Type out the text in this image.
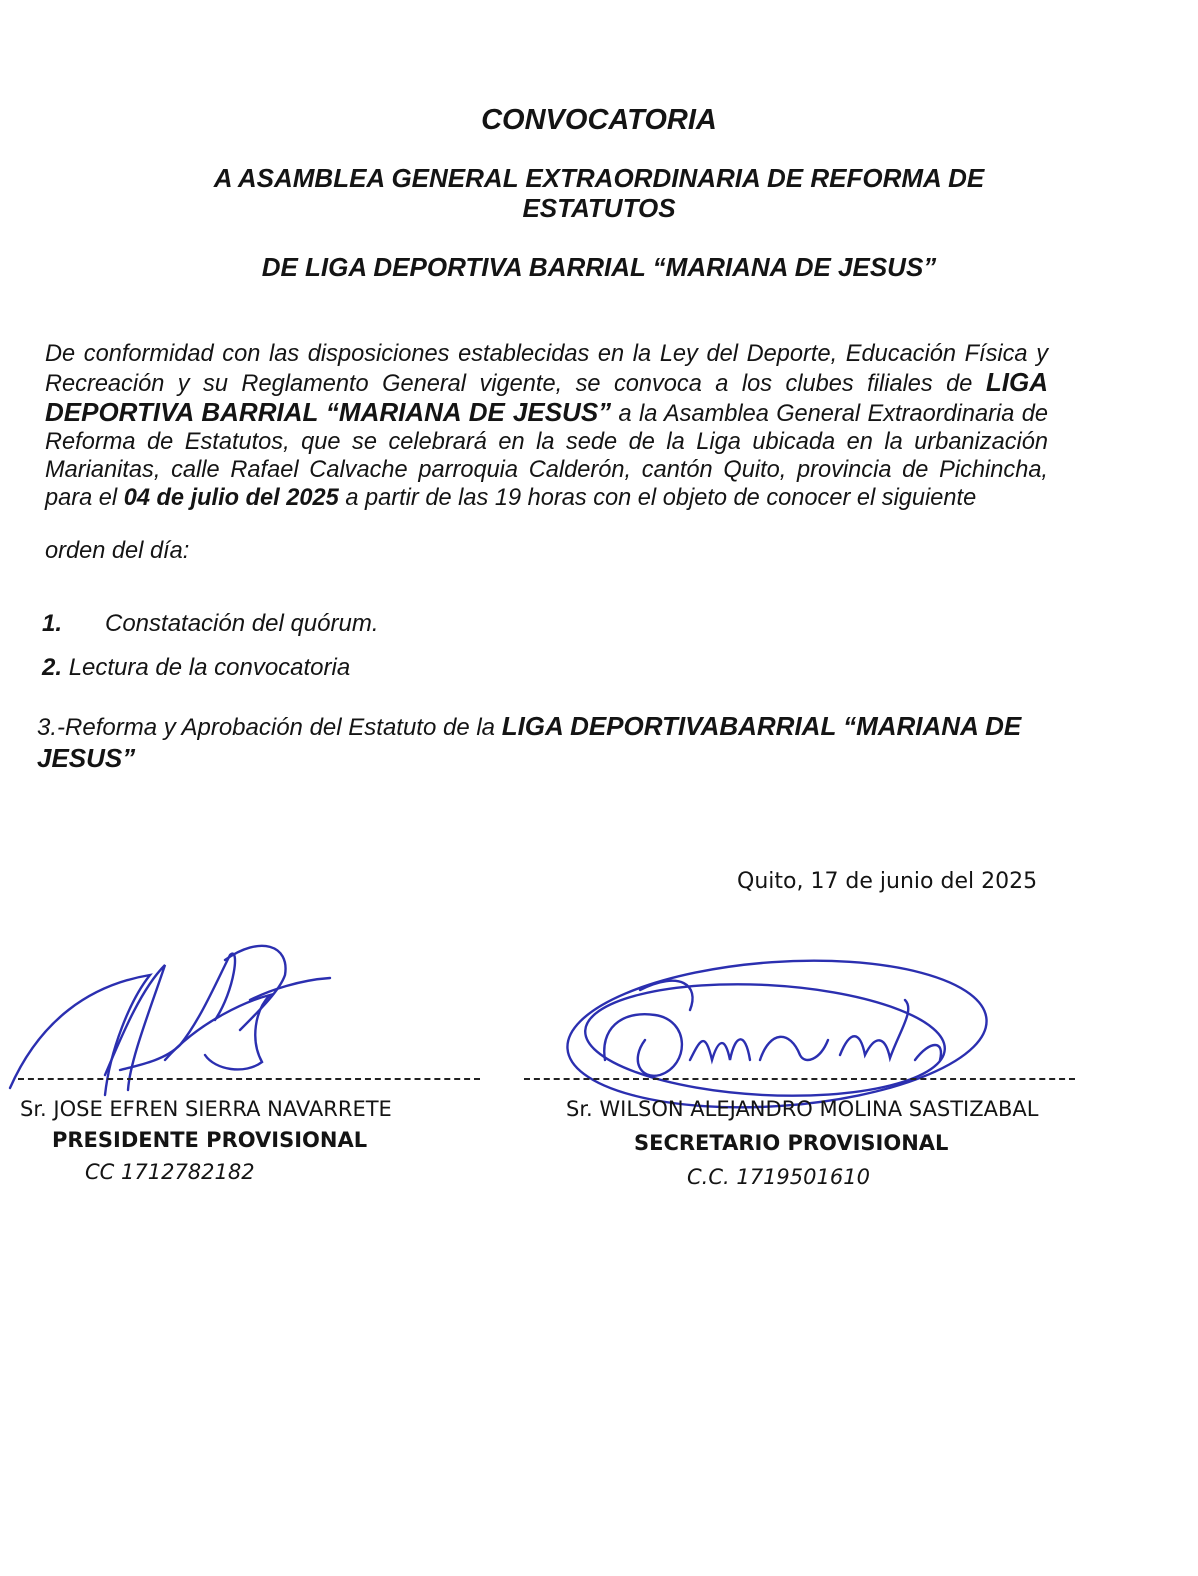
CONVOCATORIA
A ASAMBLEA GENERAL EXTRAORDINARIA DE REFORMA DE ESTATUTOS
DE LIGA DEPORTIVA BARRIAL “MARIANA DE JESUS”
De conformidad con las disposiciones establecidas en la Ley del Deporte, Educación Física y Recreación y su Reglamento General vigente, se convoca a los clubes filiales de LIGA DEPORTIVA BARRIAL “MARIANA DE JESUS” a la Asamblea General Extraordinaria de Reforma de Estatutos, que se celebrará en la sede de la Liga ubicada en la urbanización Marianitas, calle Rafael Calvache parroquia Calderón, cantón Quito, provincia de Pichincha, para el 04 de julio del 2025 a partir de las 19 horas con el objeto de conocer el siguiente
orden del día:
1. Constatación del quórum.
2. Lectura de la convocatoria
3.-Reforma y Aprobación del Estatuto de la LIGA DEPORTIVABARRIAL “MARIANA DE JESUS”
Quito, 17 de junio del 2025
Sr. JOSE EFREN SIERRA NAVARRETE
PRESIDENTE PROVISIONAL
CC 1712782182
Sr. WILSON ALEJANDRO MOLINA SASTIZABAL
SECRETARIO PROVISIONAL
C.C. 1719501610
